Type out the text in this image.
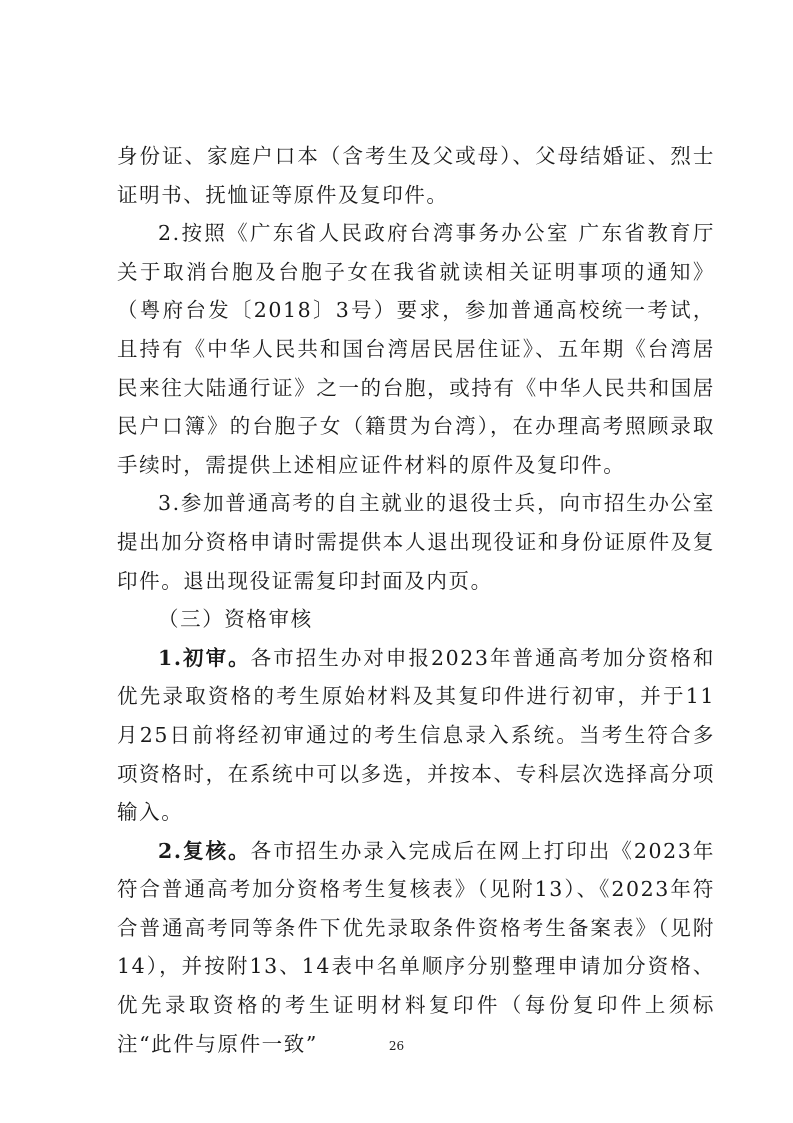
身份证、家庭户口本（含考生及父或母）、父母结婚证、烈士证明书、抚恤证等原件及复印件。

2.按照《广东省人民政府台湾事务办公室 广东省教育厅关于取消台胞及台胞子女在我省就读相关证明事项的通知》（粤府台发〔2018〕3号）要求，参加普通高校统一考试，且持有《中华人民共和国台湾居民居住证》、五年期《台湾居民来往大陆通行证》之一的台胞，或持有《中华人民共和国居民户口簿》的台胞子女（籍贯为台湾），在办理高考照顾录取手续时，需提供上述相应证件材料的原件及复印件。

3.参加普通高考的自主就业的退役士兵，向市招生办公室提出加分资格申请时需提供本人退出现役证和身份证原件及复印件。退出现役证需复印封面及内页。

（三）资格审核

1.初审。各市招生办对申报2023年普通高考加分资格和优先录取资格的考生原始材料及其复印件进行初审，并于11月25日前将经初审通过的考生信息录入系统。当考生符合多项资格时，在系统中可以多选，并按本、专科层次选择高分项输入。

2.复核。各市招生办录入完成后在网上打印出《2023年符合普通高考加分资格考生复核表》（见附13）、《2023年符合普通高考同等条件下优先录取条件资格考生备案表》（见附14），并按附13、14表中名单顺序分别整理申请加分资格、优先录取资格的考生证明材料复印件（每份复印件上须标注“此件与原件一致”	26
